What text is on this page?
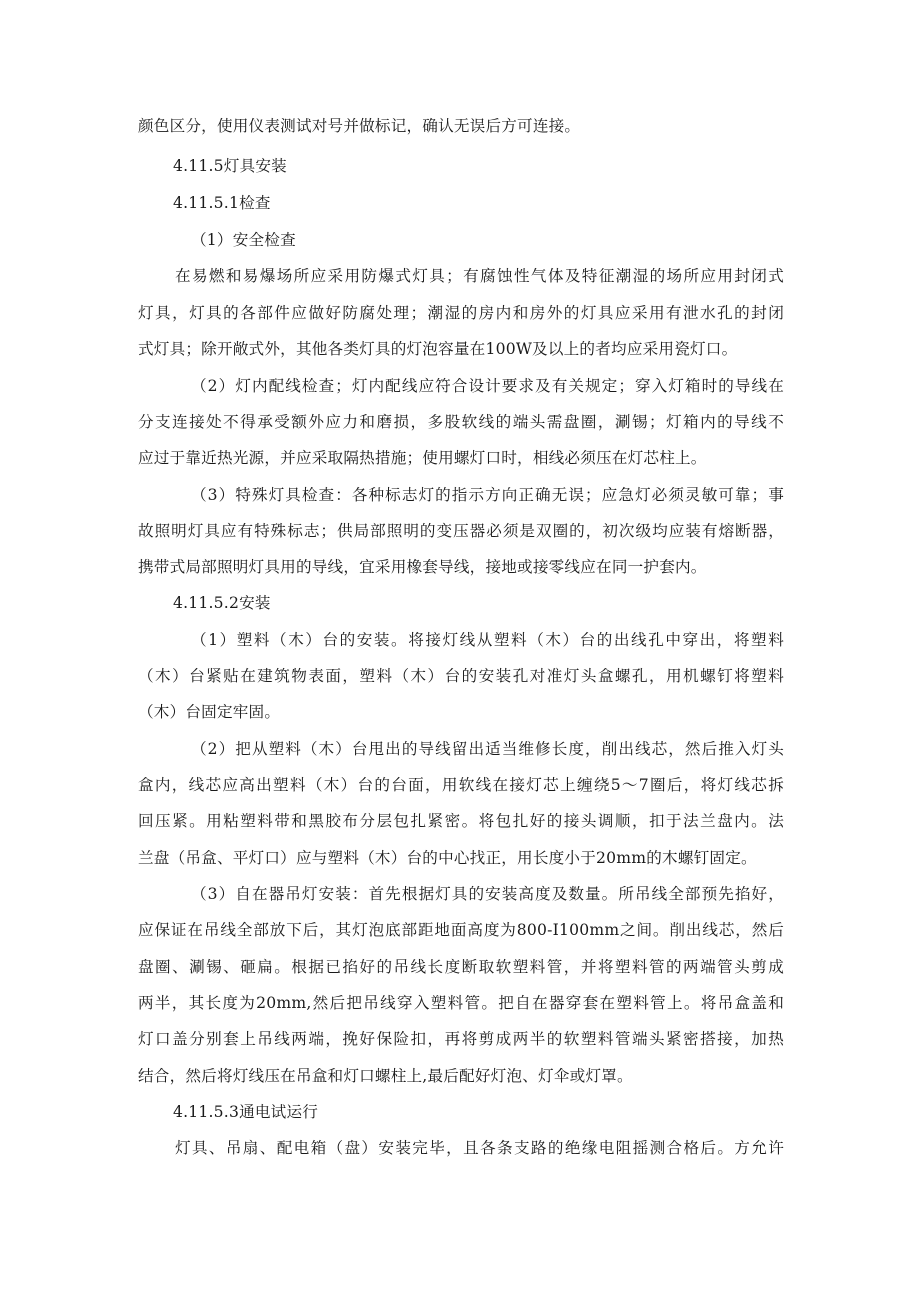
颜色区分，使用仪表测试对号并做标记，确认无误后方可连接。
4.11.5灯具安装
4.11.5.1检查
（1）安全检查
在易燃和易爆场所应采用防爆式灯具；有腐蚀性气体及特征潮湿的场所应用封闭式
灯具，灯具的各部件应做好防腐处理；潮湿的房内和房外的灯具应采用有泄水孔的封闭
式灯具；除开敞式外，其他各类灯具的灯泡容量在100W及以上的者均应采用瓷灯口。
（2）灯内配线检查；灯内配线应符合设计要求及有关规定；穿入灯箱时的导线在
分支连接处不得承受额外应力和磨损，多股软线的端头需盘圈，涮锡；灯箱内的导线不
应过于靠近热光源，并应采取隔热措施；使用螺灯口时，相线必须压在灯芯柱上。
（3）特殊灯具检查：各种标志灯的指示方向正确无误；应急灯必须灵敏可靠；事
故照明灯具应有特殊标志；供局部照明的变压器必须是双圈的，初次级均应装有熔断器，
携带式局部照明灯具用的导线，宜采用橡套导线，接地或接零线应在同一护套内。
4.11.5.2安装
（1）塑料（木）台的安装。将接灯线从塑料（木）台的出线孔中穿出，将塑料
（木）台紧贴在建筑物表面，塑料（木）台的安装孔对准灯头盒螺孔，用机螺钉将塑料
（木）台固定牢固。
（2）把从塑料（木）台甩出的导线留出适当维修长度，削出线芯，然后推入灯头
盒内，线芯应高出塑料（木）台的台面，用软线在接灯芯上缠绕5～7圈后，将灯线芯拆
回压紧。用粘塑料带和黑胶布分层包扎紧密。将包扎好的接头调顺，扣于法兰盘内。法
兰盘（吊盒、平灯口）应与塑料（木）台的中心找正，用长度小于20mm的木螺钉固定。
（3）自在器吊灯安装：首先根据灯具的安装高度及数量。所吊线全部预先掐好，
应保证在吊线全部放下后，其灯泡底部距地面高度为800-I100mm之间。削出线芯，然后
盘圈、涮锡、砸扁。根据已掐好的吊线长度断取软塑料管，并将塑料管的两端管头剪成
两半，其长度为20mm,然后把吊线穿入塑料管。把自在器穿套在塑料管上。将吊盒盖和
灯口盖分别套上吊线两端，挽好保险扣，再将剪成两半的软塑料管端头紧密搭接，加热
结合，然后将灯线压在吊盒和灯口螺柱上,最后配好灯泡、灯伞或灯罩。
4.11.5.3通电试运行
灯具、吊扇、配电箱（盘）安装完毕，且各条支路的绝缘电阻摇测合格后。方允许
